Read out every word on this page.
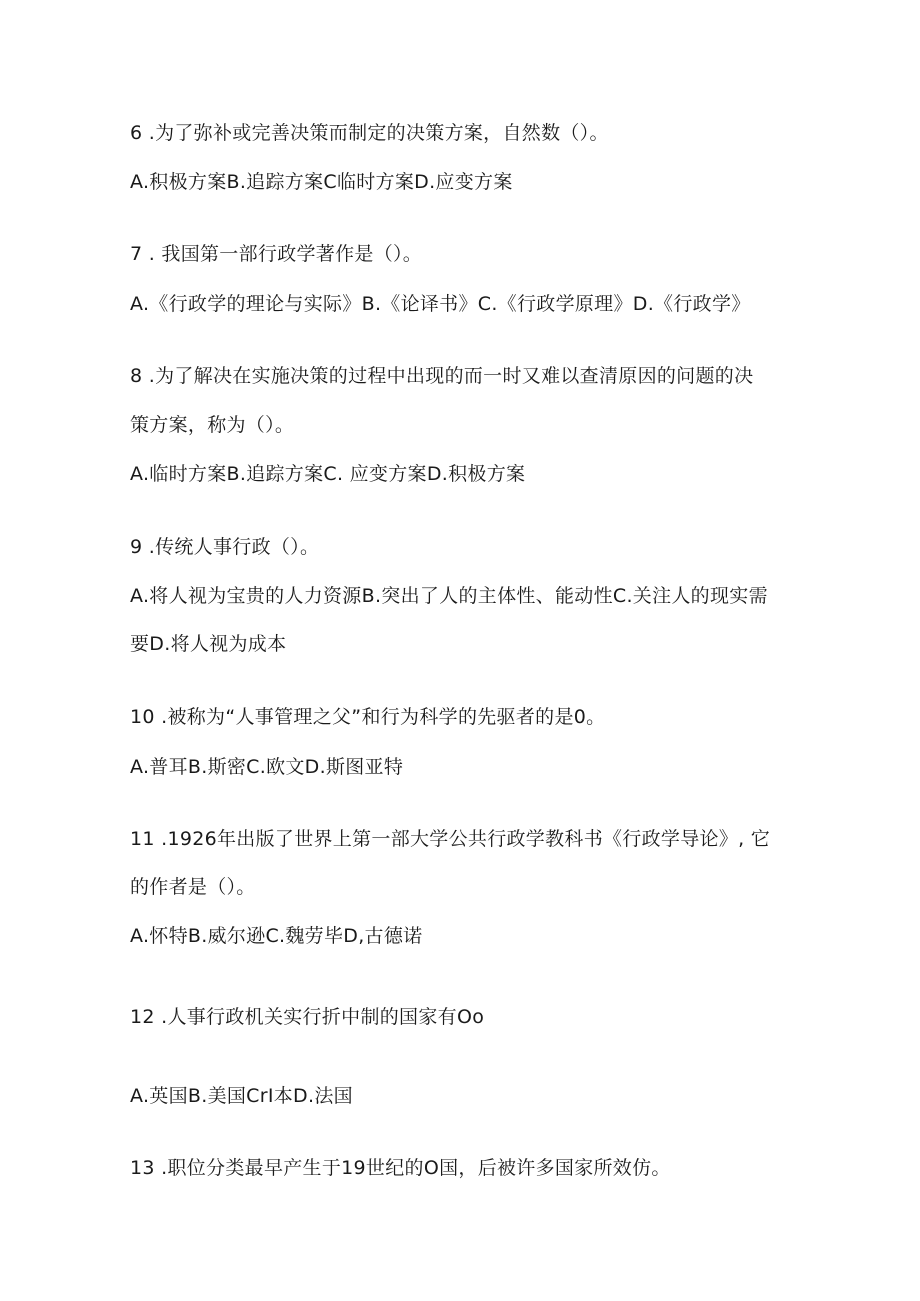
6 .为了弥补或完善决策而制定的决策方案，自然数（）。
A.积极方案B.追踪方案C临时方案D.应变方案
7 . 我国第一部行政学著作是（）。
A.《行政学的理论与实际》B.《论译书》C.《行政学原理》D.《行政学》
8 .为了解决在实施决策的过程中出现的而一时又难以查清原因的问题的决
策方案，称为（）。
A.临时方案B.追踪方案C. 应变方案D.积极方案
9 .传统人事行政（）。
A.将人视为宝贵的人力资源B.突出了人的主体性、能动性C.关注人的现实需
要D.将人视为成本
10 .被称为“人事管理之父”和行为科学的先驱者的是0。
A.普耳B.斯密C.欧文D.斯图亚特
11 .1926年出版了世界上第一部大学公共行政学教科书《行政学导论》, 它
的作者是（）。
A.怀特B.威尔逊C.魏劳毕D,古德诺
12 .人事行政机关实行折中制的国家有Oo
A.英国B.美国CrI本D.法国
13 .职位分类最早产生于19世纪的O国，后被许多国家所效仿。
